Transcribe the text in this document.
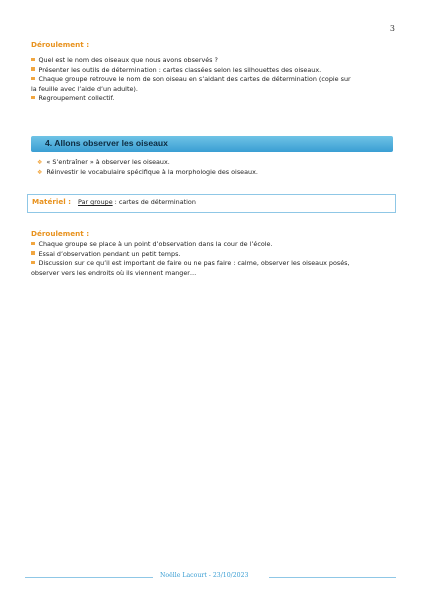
3
Déroulement :
Quel est le nom des oiseaux que nous avons observés ?
Présenter les outils de détermination : cartes classées selon les silhouettes des oiseaux.
Chaque groupe retrouve le nom de son oiseau en s’aidant des cartes de détermination (copie sur
la feuille avec l’aide d’un adulte).
Regroupement collectif.
4. Allons observer les oiseaux
❖ « S’entraîner » à observer les oiseaux.
❖ Réinvestir le vocabulaire spécifique à la morphologie des oiseaux.
Matériel : Par groupe : cartes de détermination
Déroulement :
Chaque groupe se place à un point d’observation dans la cour de l’école.
Essai d’observation pendant un petit temps.
Discussion sur ce qu’il est important de faire ou ne pas faire : calme, observer les oiseaux posés,
observer vers les endroits où ils viennent manger…
Noëlle Lacourt - 23/10/2023
